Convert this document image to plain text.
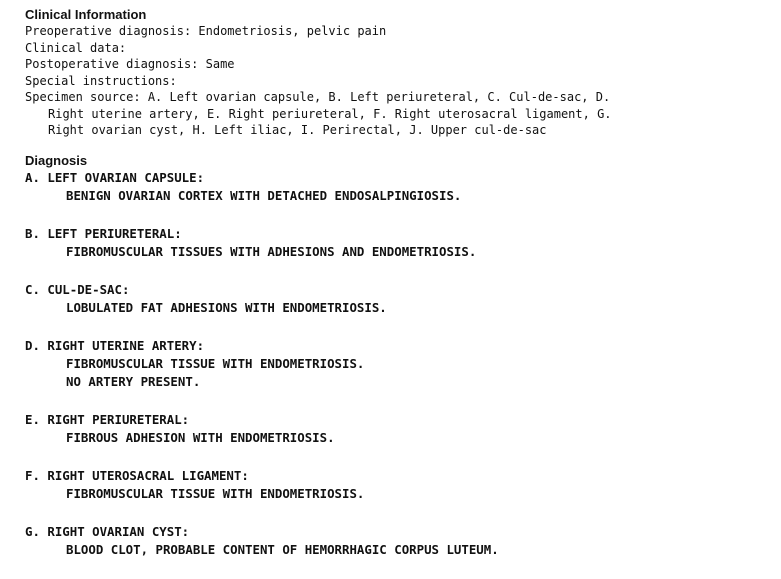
Clinical Information
Preoperative diagnosis: Endometriosis, pelvic pain
Clinical data:
Postoperative diagnosis: Same
Special instructions:
Specimen source: A. Left ovarian capsule, B. Left periureteral, C. Cul-de-sac, D.
Right uterine artery, E. Right periureteral, F. Right uterosacral ligament, G.
Right ovarian cyst, H. Left iliac, I. Perirectal, J. Upper cul-de-sac
Diagnosis
A. LEFT OVARIAN CAPSULE:
BENIGN OVARIAN CORTEX WITH DETACHED ENDOSALPINGIOSIS.
B. LEFT PERIURETERAL:
FIBROMUSCULAR TISSUES WITH ADHESIONS AND ENDOMETRIOSIS.
C. CUL-DE-SAC:
LOBULATED FAT ADHESIONS WITH ENDOMETRIOSIS.
D. RIGHT UTERINE ARTERY:
FIBROMUSCULAR TISSUE WITH ENDOMETRIOSIS.
NO ARTERY PRESENT.
E. RIGHT PERIURETERAL:
FIBROUS ADHESION WITH ENDOMETRIOSIS.
F. RIGHT UTEROSACRAL LIGAMENT:
FIBROMUSCULAR TISSUE WITH ENDOMETRIOSIS.
G. RIGHT OVARIAN CYST:
BLOOD CLOT, PROBABLE CONTENT OF HEMORRHAGIC CORPUS LUTEUM.
